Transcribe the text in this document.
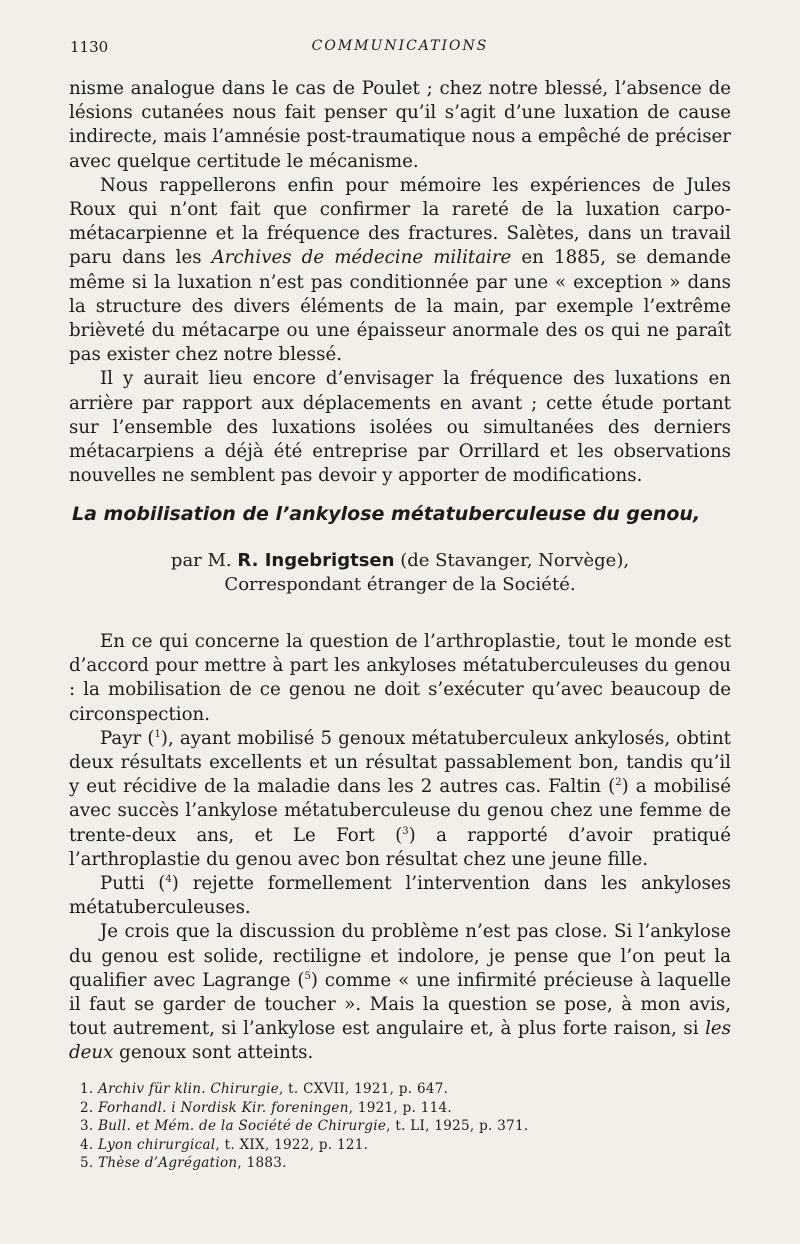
1130	COMMUNICATIONS

nisme analogue dans le cas de Poulet ; chez notre blessé, l’absence de lésions cutanées nous fait penser qu’il s’agit d’une luxation de cause indirecte, mais l’amnésie post-traumatique nous a empêché de préciser avec quelque certitude le mécanisme.

Nous rappellerons enfin pour mémoire les expériences de Jules Roux qui n’ont fait que confirmer la rareté de la luxation carpo-métacarpienne et la fréquence des fractures. Salètes, dans un travail paru dans les Archives de médecine militaire en 1885, se demande même si la luxation n’est pas conditionnée par une « exception » dans la structure des divers éléments de la main, par exemple l’extrême brièveté du métacarpe ou une épaisseur anormale des os qui ne paraît pas exister chez notre blessé.

Il y aurait lieu encore d’envisager la fréquence des luxations en arrière par rapport aux déplacements en avant ; cette étude portant sur l’ensemble des luxations isolées ou simultanées des derniers métacarpiens a déjà été entreprise par Orrillard et les observations nouvelles ne semblent pas devoir y apporter de modifications.

La mobilisation de l’ankylose métatuberculeuse du genou,
par M. R. Ingebrigtsen (de Stavanger, Norvège),
Correspondant étranger de la Société.

En ce qui concerne la question de l’arthroplastie, tout le monde est d’accord pour mettre à part les ankyloses métatuberculeuses du genou : la mobilisation de ce genou ne doit s’exécuter qu’avec beaucoup de circonspection.

Payr ($^1$), ayant mobilisé 5 genoux métatuberculeux ankylosés, obtint deux résultats excellents et un résultat passablement bon, tandis qu’il y eut récidive de la maladie dans les 2 autres cas. Faltin ($^2$) a mobilisé avec succès l’ankylose métatuberculeuse du genou chez une femme de trente-deux ans, et Le Fort ($^3$) a rapporté d’avoir pratiqué l’arthroplastie du genou avec bon résultat chez une jeune fille.

Putti ($^4$) rejette formellement l’intervention dans les ankyloses métatuberculeuses.

Je crois que la discussion du problème n’est pas close. Si l’ankylose du genou est solide, rectiligne et indolore, je pense que l’on peut la qualifier avec Lagrange ($^5$) comme « une infirmité précieuse à laquelle il faut se garder de toucher ». Mais la question se pose, à mon avis, tout autrement, si l’ankylose est angulaire et, à plus forte raison, si les deux genoux sont atteints.

1. Archiv für klin. Chirurgie, t. CXVII, 1921, p. 647.
2. Forhandl. i Nordisk Kir. foreningen, 1921, p. 114.
3. Bull. et Mém. de la Société de Chirurgie, t. LI, 1925, p. 371.
4. Lyon chirurgical, t. XIX, 1922, p. 121.
5. Thèse d’Agrégation, 1883.
